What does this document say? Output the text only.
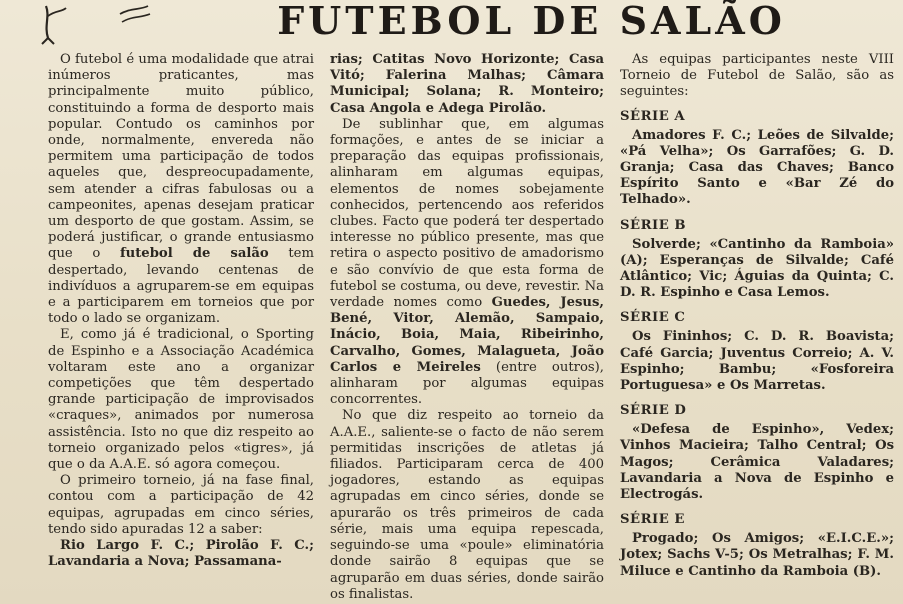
FUTEBOL DE SALÃO

O futebol é uma modalidade que atrai inúmeros praticantes, mas principalmente muito público, constituindo a forma de desporto mais popular. Contudo os caminhos por onde, normalmente, envereda não permitem uma participação de todos aqueles que, despreocupadamente, sem atender a cifras fabulosas ou a campeonites, apenas desejam praticar um desporto de que gostam. Assim, se poderá justificar, o grande entusiasmo que o futebol de salão tem despertado, levando centenas de indivíduos a agruparem-se em equipas e a participarem em torneios que por todo o lado se organizam.

E, como já é tradicional, o Sporting de Espinho e a Associação Académica voltaram este ano a organizar competições que têm despertado grande participação de improvisados «craques», animados por numerosa assistência. Isto no que diz respeito ao torneio organizado pelos «tigres», já que o da A.A.E. só agora começou.

O primeiro torneio, já na fase final, contou com a participação de 42 equipas, agrupadas em cinco séries, tendo sido apuradas 12 a saber:

Rio Largo F. C.; Pirolão F. C.; Lavandaria a Nova; Passamana-

rias; Catitas Novo Horizonte; Casa Vitó; Falerina Malhas; Câmara Municipal; Solana; R. Monteiro; Casa Angola e Adega Pirolão.

De sublinhar que, em algumas formações, e antes de se iniciar a preparação das equipas profissionais, alinharam em algumas equipas, elementos de nomes sobejamente conhecidos, pertencendo aos referidos clubes. Facto que poderá ter despertado interesse no público presente, mas que retira o aspecto positivo de amadorismo e são convívio de que esta forma de futebol se costuma, ou deve, revestir. Na verdade nomes como Guedes, Jesus, Bené, Vitor, Alemão, Sampaio, Inácio, Boia, Maia, Ribeirinho, Carvalho, Gomes, Malagueta, João Carlos e Meireles (entre outros), alinharam por algumas equipas concorrentes.

No que diz respeito ao torneio da A.A.E., saliente-se o facto de não serem permitidas inscrições de atletas já filiados. Participaram cerca de 400 jogadores, estando as equipas agrupadas em cinco séries, donde se apurarão os três primeiros de cada série, mais uma equipa repescada, seguindo-se uma «poule» eliminatória donde sairão 8 equipas que se agruparão em duas séries, donde sairão os finalistas.

As equipas participantes neste VIII Torneio de Futebol de Salão, são as seguintes:

SÉRIE A

Amadores F. C.; Leões de Silvalde; «Pá Velha»; Os Garrafões; G. D. Granja; Casa das Chaves; Banco Espírito Santo e «Bar Zé do Telhado».

SÉRIE B

Solverde; «Cantinho da Ramboia» (A); Esperanças de Silvalde; Café Atlântico; Vic; Águias da Quinta; C. D. R. Espinho e Casa Lemos.

SÉRIE C

Os Fininhos; C. D. R. Boavista; Café Garcia; Juventus Correio; A. V. Espinho; Bambu; «Fosforeira Portuguesa» e Os Marretas.

SÉRIE D

«Defesa de Espinho», Vedex; Vinhos Macieira; Talho Central; Os Magos; Cerâmica Valadares; Lavandaria a Nova de Espinho e Electrogás.

SÉRIE E

Progado; Os Amigos; «E.I.C.E.»; Jotex; Sachs V-5; Os Metralhas; F. M. Miluce e Cantinho da Ramboia (B).
